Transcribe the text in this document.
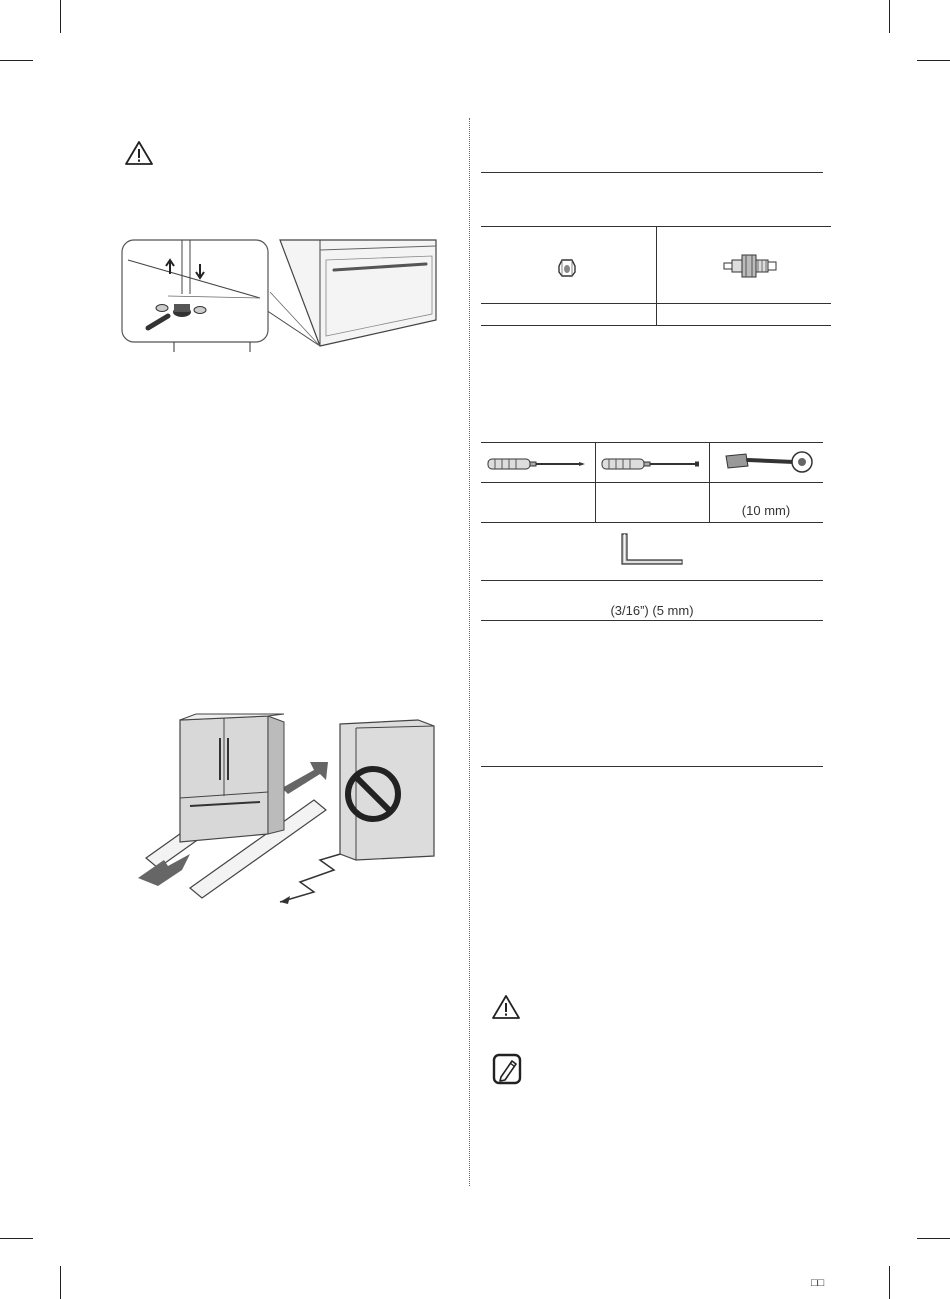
(10 mm)
(3/16”) (5 mm)
□□
